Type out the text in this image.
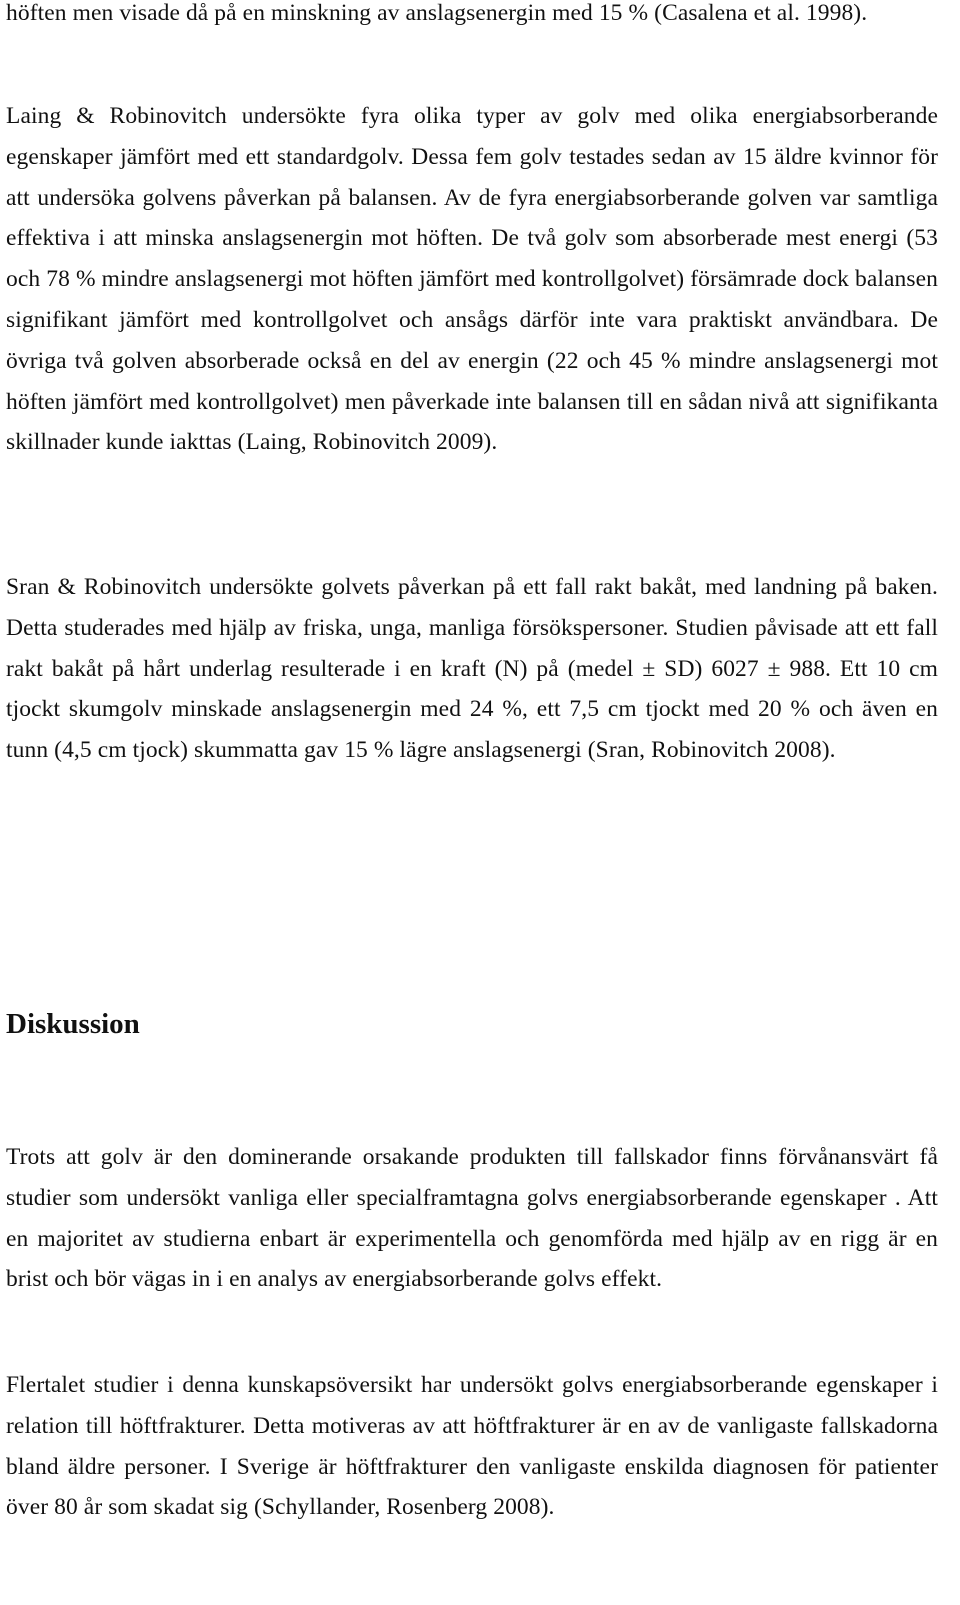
höften men visade då på en minskning av anslagsenergin med 15 % (Casalena et al. 1998).

Laing & Robinovitch undersökte fyra olika typer av golv med olika energiabsorberande egenskaper jämfört med ett standardgolv. Dessa fem golv testades sedan av 15 äldre kvinnor för att undersöka golvens påverkan på balansen. Av de fyra energiabsorberande golven var samtliga effektiva i att minska anslagsenergin mot höften. De två golv som absorberade mest energi (53 och 78 % mindre anslagsenergi mot höften jämfört med kontrollgolvet) försämrade dock balansen signifikant jämfört med kontrollgolvet och ansågs därför inte vara praktiskt användbara. De övriga två golven absorberade också en del av energin (22 och 45 % mindre anslagsenergi mot höften jämfört med kontrollgolvet) men påverkade inte balansen till en sådan nivå att signifikanta skillnader kunde iakttas (Laing, Robinovitch 2009).

Sran & Robinovitch undersökte golvets påverkan på ett fall rakt bakåt, med landning på baken. Detta studerades med hjälp av friska, unga, manliga försökspersoner. Studien påvisade att ett fall rakt bakåt på hårt underlag resulterade i en kraft (N) på (medel ± SD) 6027 ± 988. Ett 10 cm tjockt skumgolv minskade anslagsenergin med 24 %, ett 7,5 cm tjockt med 20 % och även en tunn (4,5 cm tjock) skummatta gav 15 % lägre anslagsenergi (Sran, Robinovitch 2008).

Diskussion

Trots att golv är den dominerande orsakande produkten till fallskador finns förvånansvärt få studier som undersökt vanliga eller specialframtagna golvs energiabsorberande egenskaper . Att en majoritet av studierna enbart är experimentella och genomförda med hjälp av en rigg är en brist och bör vägas in i en analys av energiabsorberande golvs effekt.

Flertalet studier i denna kunskapsöversikt har undersökt golvs energiabsorberande egenskaper i relation till höftfrakturer. Detta motiveras av att höftfrakturer är en av de vanligaste fallskadorna bland äldre personer. I Sverige är höftfrakturer den vanligaste enskilda diagnosen för patienter över 80 år som skadat sig (Schyllander, Rosenberg 2008).
